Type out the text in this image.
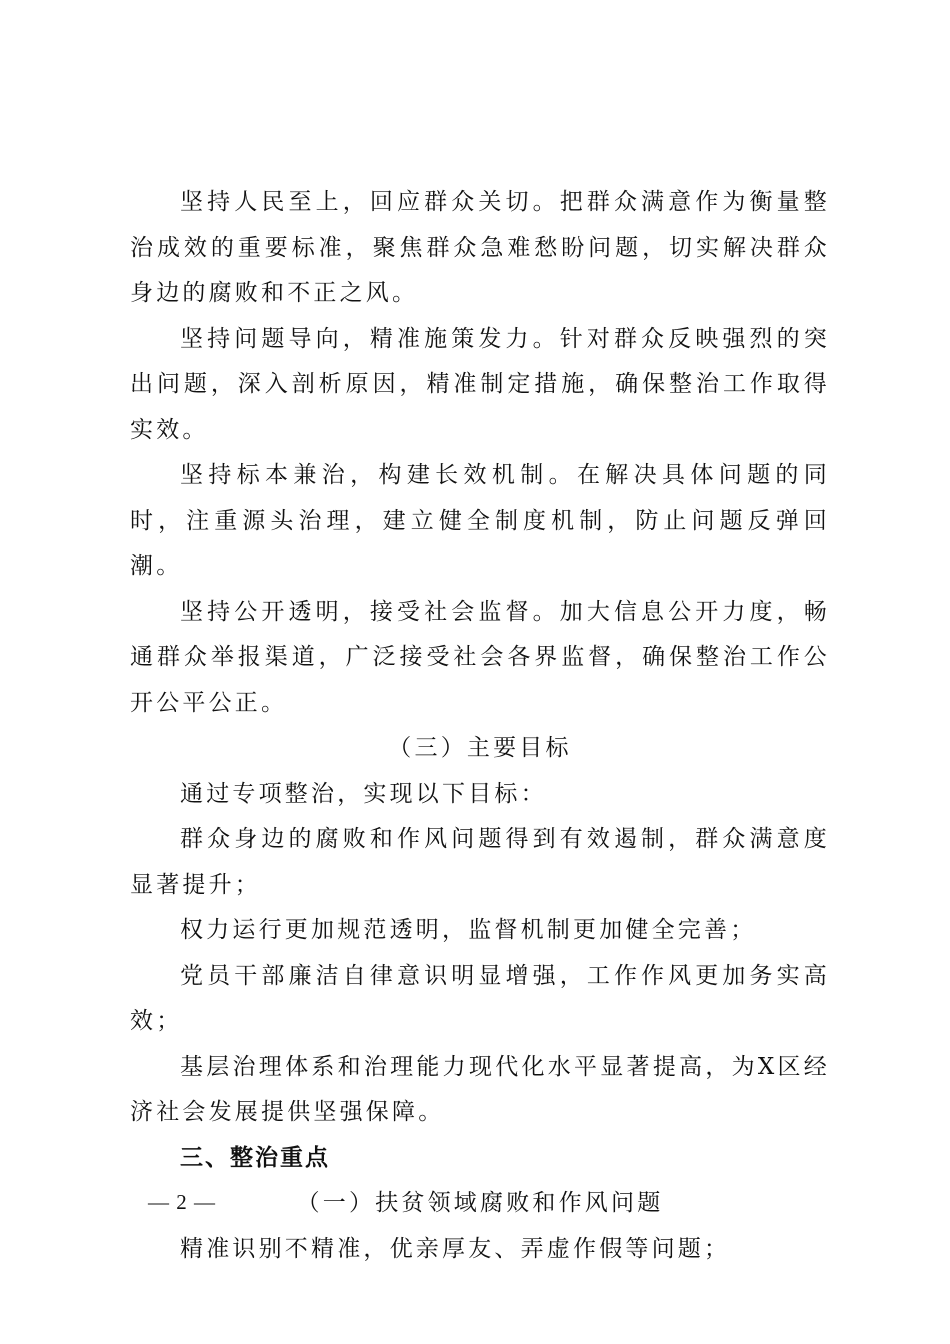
坚持人民至上，回应群众关切。把群众满意作为衡量整治成效的重要标准，聚焦群众急难愁盼问题，切实解决群众身边的腐败和不正之风。

坚持问题导向，精准施策发力。针对群众反映强烈的突出问题，深入剖析原因，精准制定措施，确保整治工作取得实效。

坚持标本兼治，构建长效机制。在解决具体问题的同时，注重源头治理，建立健全制度机制，防止问题反弹回潮。

坚持公开透明，接受社会监督。加大信息公开力度，畅通群众举报渠道，广泛接受社会各界监督，确保整治工作公开公平公正。

（三）主要目标

通过专项整治，实现以下目标：

群众身边的腐败和作风问题得到有效遏制，群众满意度显著提升；

权力运行更加规范透明，监督机制更加健全完善；

党员干部廉洁自律意识明显增强，工作作风更加务实高效；

基层治理体系和治理能力现代化水平显著提高，为X区经济社会发展提供坚强保障。

三、整治重点

（一）扶贫领域腐败和作风问题

精准识别不精准，优亲厚友、弄虚作假等问题；

— 2 —
